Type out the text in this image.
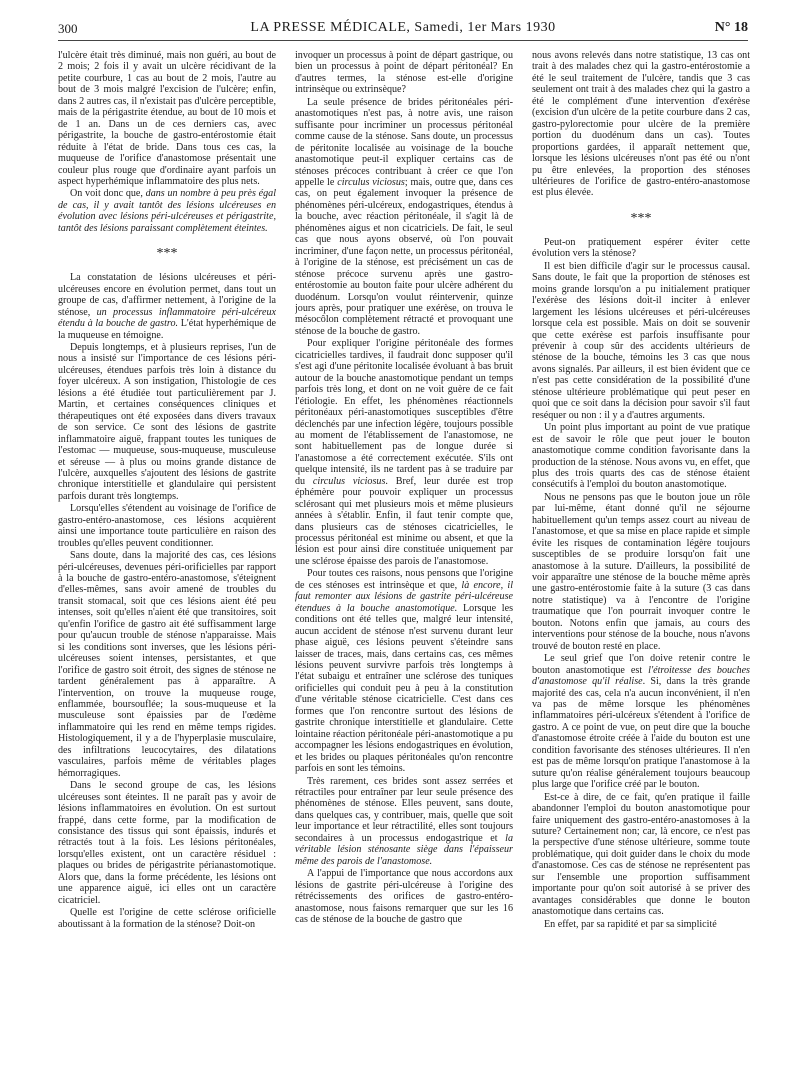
300	LA PRESSE MÉDICALE, Samedi, 1er Mars 1930	N° 18

l'ulcère était très diminué, mais non guéri, au bout de 2 mois; 2 fois il y avait un ulcère récidivant de la petite courbure, 1 cas au bout de 2 mois, l'autre au bout de 3 mois malgré l'excision de l'ulcère; enfin, dans 2 autres cas, il n'existait pas d'ulcère perceptible, mais de la périgastrite étendue, au bout de 10 mois et de 1 an. Dans un de ces derniers cas, avec périgastrite, la bouche de gastro-entérostomie était réduite à l'état de bride. Dans tous ces cas, la muqueuse de l'orifice d'anastomose présentait une couleur plus rouge que d'ordinaire ayant parfois un aspect hyperhémique inflammatoire des plus nets.

On voit donc que, dans un nombre à peu près égal de cas, il y avait tantôt des lésions ulcéreuses en évolution avec lésions péri-ulcéreuses et périgastrite, tantôt des lésions paraissant complètement éteintes.

***

La constatation de lésions ulcéreuses et péri-ulcéreuses encore en évolution permet, dans tout un groupe de cas, d'affirmer nettement, à l'origine de la sténose, un processus inflammatoire péri-ulcéreux étendu à la bouche de gastro. L'état hyperhémique de la muqueuse en témoigne.

Depuis longtemps, et à plusieurs reprises, l'un de nous a insisté sur l'importance de ces lésions péri-ulcéreuses, étendues parfois très loin à distance du foyer ulcéreux. A son instigation, l'histologie de ces lésions a été étudiée tout particulièrement par J. Martin, et certaines conséquences cliniques et thérapeutiques ont été exposées dans divers travaux de son service. Ce sont des lésions de gastrite inflammatoire aiguë, frappant toutes les tuniques de l'estomac — muqueuse, sous-muqueuse, musculeuse et séreuse — à plus ou moins grande distance de l'ulcère, auxquelles s'ajoutent des lésions de gastrite chronique interstitielle et glandulaire qui persistent parfois durant très longtemps.

Lorsqu'elles s'étendent au voisinage de l'orifice de gastro-entéro-anastomose, ces lésions acquièrent ainsi une importance toute particulière en raison des troubles qu'elles peuvent conditionner.

Sans doute, dans la majorité des cas, ces lésions péri-ulcéreuses, devenues péri-orificielles par rapport à la bouche de gastro-entéro-anastomose, s'éteignent d'elles-mêmes, sans avoir amené de troubles du transit stomacal, soit que ces lésions aient été peu intenses, soit qu'elles n'aient été que transitoires, soit qu'enfin l'orifice de gastro ait été suffisamment large pour qu'aucun trouble de sténose n'apparaisse. Mais si les conditions sont inverses, que les lésions péri-ulcéreuses soient intenses, persistantes, et que l'orifice de gastro soit étroit, des signes de sténose ne tardent généralement pas à apparaître. A l'intervention, on trouve la muqueuse rouge, enflammée, boursouflée; la sous-muqueuse et la musculeuse sont épaissies par de l'œdème inflammatoire qui les rend en même temps rigides. Histologiquement, il y a de l'hyperplasie musculaire, des infiltrations leucocytaires, des dilatations vasculaires, parfois même de véritables plages hémorragiques.

Dans le second groupe de cas, les lésions ulcéreuses sont éteintes. Il ne paraît pas y avoir de lésions inflammatoires en évolution. On est surtout frappé, dans cette forme, par la modification de consistance des tissus qui sont épaissis, indurés et rétractés tout à la fois. Les lésions péritonéales, lorsqu'elles existent, ont un caractère résiduel : plaques ou brides de périgastrite périanastomotique. Alors que, dans la forme précédente, les lésions ont une apparence aiguë, ici elles ont un caractère cicatriciel.

Quelle est l'origine de cette sclérose orificielle aboutissant à la formation de la sténose? Doit-on

invoquer un processus à point de départ gastrique, ou bien un processus à point de départ péritonéal? En d'autres termes, la sténose est-elle d'origine intrinsèque ou extrinsèque?

La seule présence de brides péritonéales péri-anastomotiques n'est pas, à notre avis, une raison suffisante pour incriminer un processus péritonéal comme cause de la sténose. Sans doute, un processus de péritonite localisée au voisinage de la bouche anastomotique peut-il expliquer certains cas de sténoses précoces contribuant à créer ce que l'on appelle le circulus viciosus; mais, outre que, dans ces cas, on peut également invoquer la présence de phénomènes péri-ulcéreux, endogastriques, étendus à la bouche, avec réaction péritonéale, il s'agit là de phénomènes aigus et non cicatriciels. De fait, le seul cas que nous ayons observé, où l'on pouvait incriminer, d'une façon nette, un processus péritonéal, à l'origine de la sténose, est précisément un cas de sténose précoce survenu après une gastro-entérostomie au bouton faite pour ulcère adhérent du duodénum. Lorsqu'on voulut réintervenir, quinze jours après, pour pratiquer une exérèse, on trouva le mésocôlon complètement rétracté et provoquant une sténose de la bouche de gastro.

Pour expliquer l'origine péritonéale des formes cicatricielles tardives, il faudrait donc supposer qu'il s'est agi d'une péritonite localisée évoluant à bas bruit autour de la bouche anastomotique pendant un temps parfois très long, et dont on ne voit guère de ce fait l'étiologie. En effet, les phénomènes réactionnels péritonéaux péri-anastomotiques susceptibles d'être déclenchés par une infection légère, toujours possible au moment de l'établissement de l'anastomose, ne sont habituellement pas de longue durée si l'anastomose a été correctement exécutée. S'ils ont quelque intensité, ils ne tardent pas à se traduire par du circulus viciosus. Bref, leur durée est trop éphémère pour pouvoir expliquer un processus sclérosant qui met plusieurs mois et même plusieurs années à s'établir. Enfin, il faut tenir compte que, dans plusieurs cas de sténoses cicatricielles, le processus péritonéal est minime ou absent, et que la lésion est pour ainsi dire constituée uniquement par une sclérose épaisse des parois de l'anastomose.

Pour toutes ces raisons, nous pensons que l'origine de ces sténoses est intrinsèque et que, là encore, il faut remonter aux lésions de gastrite péri-ulcéreuse étendues à la bouche anastomotique. Lorsque les conditions ont été telles que, malgré leur intensité, aucun accident de sténose n'est survenu durant leur phase aiguë, ces lésions peuvent s'éteindre sans laisser de traces, mais, dans certains cas, ces mêmes lésions peuvent survivre parfois très longtemps à l'état subaigu et entraîner une sclérose des tuniques orificielles qui conduit peu à peu à la constitution d'une véritable sténose cicatricielle. C'est dans ces formes que l'on rencontre surtout des lésions de gastrite chronique interstitielle et glandulaire. Cette lointaine réaction péritonéale péri-anastomotique a pu accompagner les lésions endogastriques en évolution, et les brides ou plaques péritonéales qu'on rencontre parfois en sont les témoins.

Très rarement, ces brides sont assez serrées et rétractiles pour entraîner par leur seule présence des phénomènes de sténose. Elles peuvent, sans doute, dans quelques cas, y contribuer, mais, quelle que soit leur importance et leur rétractilité, elles sont toujours secondaires à un processus endogastrique et la véritable lésion sténosante siège dans l'épaisseur même des parois de l'anastomose.

A l'appui de l'importance que nous accordons aux lésions de gastrite péri-ulcéreuse à l'origine des rétrécissements des orifices de gastro-entéro-anastomose, nous faisons remarquer que sur les 16 cas de sténose de la bouche de gastro que

nous avons relevés dans notre statistique, 13 cas ont trait à des malades chez qui la gastro-entérostomie a été le seul traitement de l'ulcère, tandis que 3 cas seulement ont trait à des malades chez qui la gastro a été le complément d'une intervention d'exérèse (excision d'un ulcère de la petite courbure dans 2 cas, gastro-pylorectomie pour ulcère de la première portion du duodénum dans un cas). Toutes proportions gardées, il apparaît nettement que, lorsque les lésions ulcéreuses n'ont pas été ou n'ont pu être enlevées, la proportion des sténoses ultérieures de l'orifice de gastro-entéro-anastomose est plus élevée.

***

Peut-on pratiquement espérer éviter cette évolution vers la sténose?

Il est bien difficile d'agir sur le processus causal. Sans doute, le fait que la proportion de sténoses est moins grande lorsqu'on a pu initialement pratiquer l'exérèse des lésions doit-il inciter à enlever largement les lésions ulcéreuses et péri-ulcéreuses lorsque cela est possible. Mais on doit se souvenir que cette exérèse est parfois insuffisante pour prévenir à coup sûr des accidents ultérieurs de sténose de la bouche, témoins les 3 cas que nous avons signalés. Par ailleurs, il est bien évident que ce n'est pas cette considération de la possibilité d'une sténose ultérieure problématique qui peut peser en quoi que ce soit dans la décision pour savoir s'il faut reséquer ou non : il y a d'autres arguments.

Un point plus important au point de vue pratique est de savoir le rôle que peut jouer le bouton anastomotique comme condition favorisante dans la production de la sténose. Nous avons vu, en effet, que plus des trois quarts des cas de sténose étaient consécutifs à l'emploi du bouton anastomotique.

Nous ne pensons pas que le bouton joue un rôle par lui-même, étant donné qu'il ne séjourne habituellement qu'un temps assez court au niveau de l'anastomose, et que sa mise en place rapide et simple évite les risques de contamination légère toujours susceptibles de se produire lorsqu'on fait une anastomose à la suture. D'ailleurs, la possibilité de voir apparaître une sténose de la bouche même après une gastro-entérostomie faite à la suture (3 cas dans notre statistique) va à l'encontre de l'origine traumatique que l'on pourrait invoquer contre le bouton. Notons enfin que jamais, au cours des interventions pour sténose de la bouche, nous n'avons trouvé de bouton resté en place.

Le seul grief que l'on doive retenir contre le bouton anastomotique est l'étroitesse des bouches d'anastomose qu'il réalise. Si, dans la très grande majorité des cas, cela n'a aucun inconvénient, il n'en va pas de même lorsque les phénomènes inflammatoires péri-ulcéreux s'étendent à l'orifice de gastro. A ce point de vue, on peut dire que la bouche d'anastomose étroite créée à l'aide du bouton est une condition favorisante des sténoses ultérieures. Il n'en est pas de même lorsqu'on pratique l'anastomose à la suture qu'on réalise généralement toujours beaucoup plus large que l'orifice créé par le bouton.

Est-ce à dire, de ce fait, qu'en pratique il faille abandonner l'emploi du bouton anastomotique pour faire uniquement des gastro-entéro-anastomoses à la suture? Certainement non; car, là encore, ce n'est pas la perspective d'une sténose ultérieure, somme toute problématique, qui doit guider dans le choix du mode d'anastomose. Ces cas de sténose ne représentent pas sur l'ensemble une proportion suffisamment importante pour qu'on soit autorisé à se priver des avantages considérables que donne le bouton anastomotique dans certains cas.

En effet, par sa rapidité et par sa simplicité
